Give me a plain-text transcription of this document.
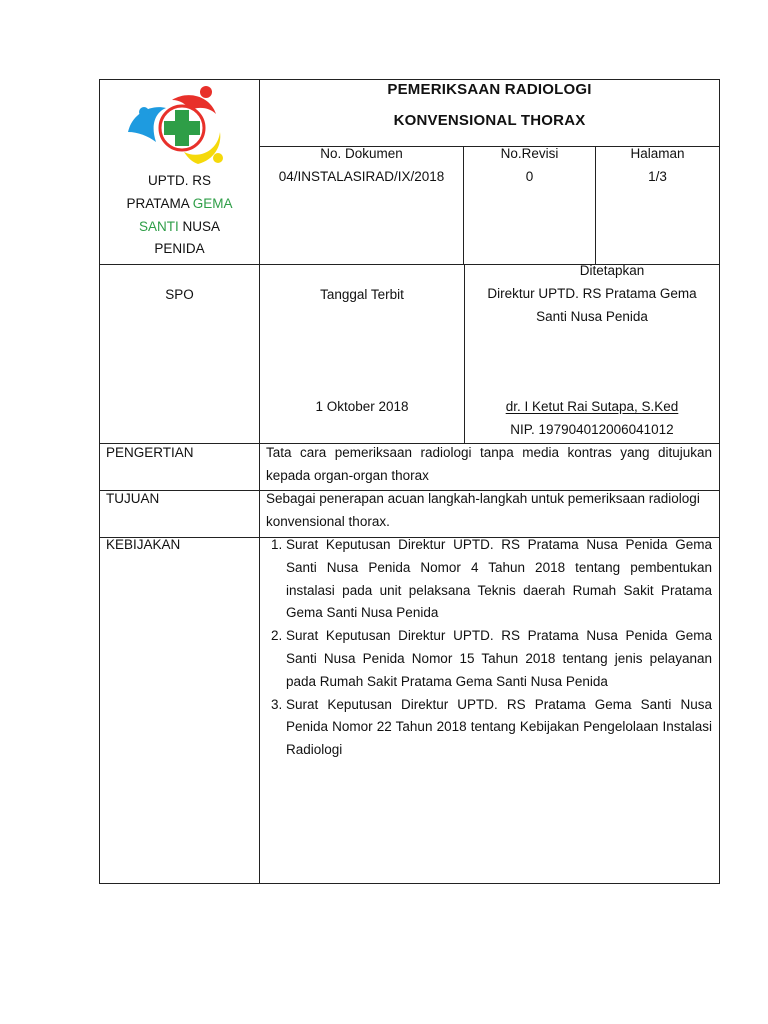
UPTD. RS
PRATAMA GEMA
SANTI NUSA
PENIDA
PEMERIKSAAN RADIOLOGI
KONVENSIONAL THORAX
No. Dokumen
04/INSTALASIRAD/IX/2018
No.Revisi
0
Halaman
1/3
SPO	Tanggal Terbit
1 Oktober 2018
Ditetapkan
Direktur UPTD. RS Pratama Gema
Santi Nusa Penida
dr. I Ketut Rai Sutapa, S.Ked
NIP. 197904012006041012
PENGERTIAN	Tata cara pemeriksaan radiologi tanpa media kontras yang ditujukan kepada organ-organ thorax
TUJUAN	Sebagai penerapan acuan langkah-langkah untuk pemeriksaan radiologi konvensional thorax.
KEBIJAKAN
1.	Surat Keputusan Direktur UPTD. RS Pratama Nusa Penida Gema Santi Nusa Penida Nomor 4 Tahun 2018 tentang pembentukan instalasi pada unit pelaksana Teknis daerah Rumah Sakit Pratama Gema Santi Nusa Penida
2. Surat Keputusan Direktur UPTD. RS Pratama Nusa Penida Gema Santi Nusa Penida Nomor 15 Tahun 2018 tentang jenis pelayanan pada Rumah Sakit Pratama Gema Santi Nusa Penida
3. Surat Keputusan Direktur UPTD. RS Pratama Gema Santi Nusa Penida Nomor 22 Tahun 2018 tentang Kebijakan Pengelolaan Instalasi Radiologi
